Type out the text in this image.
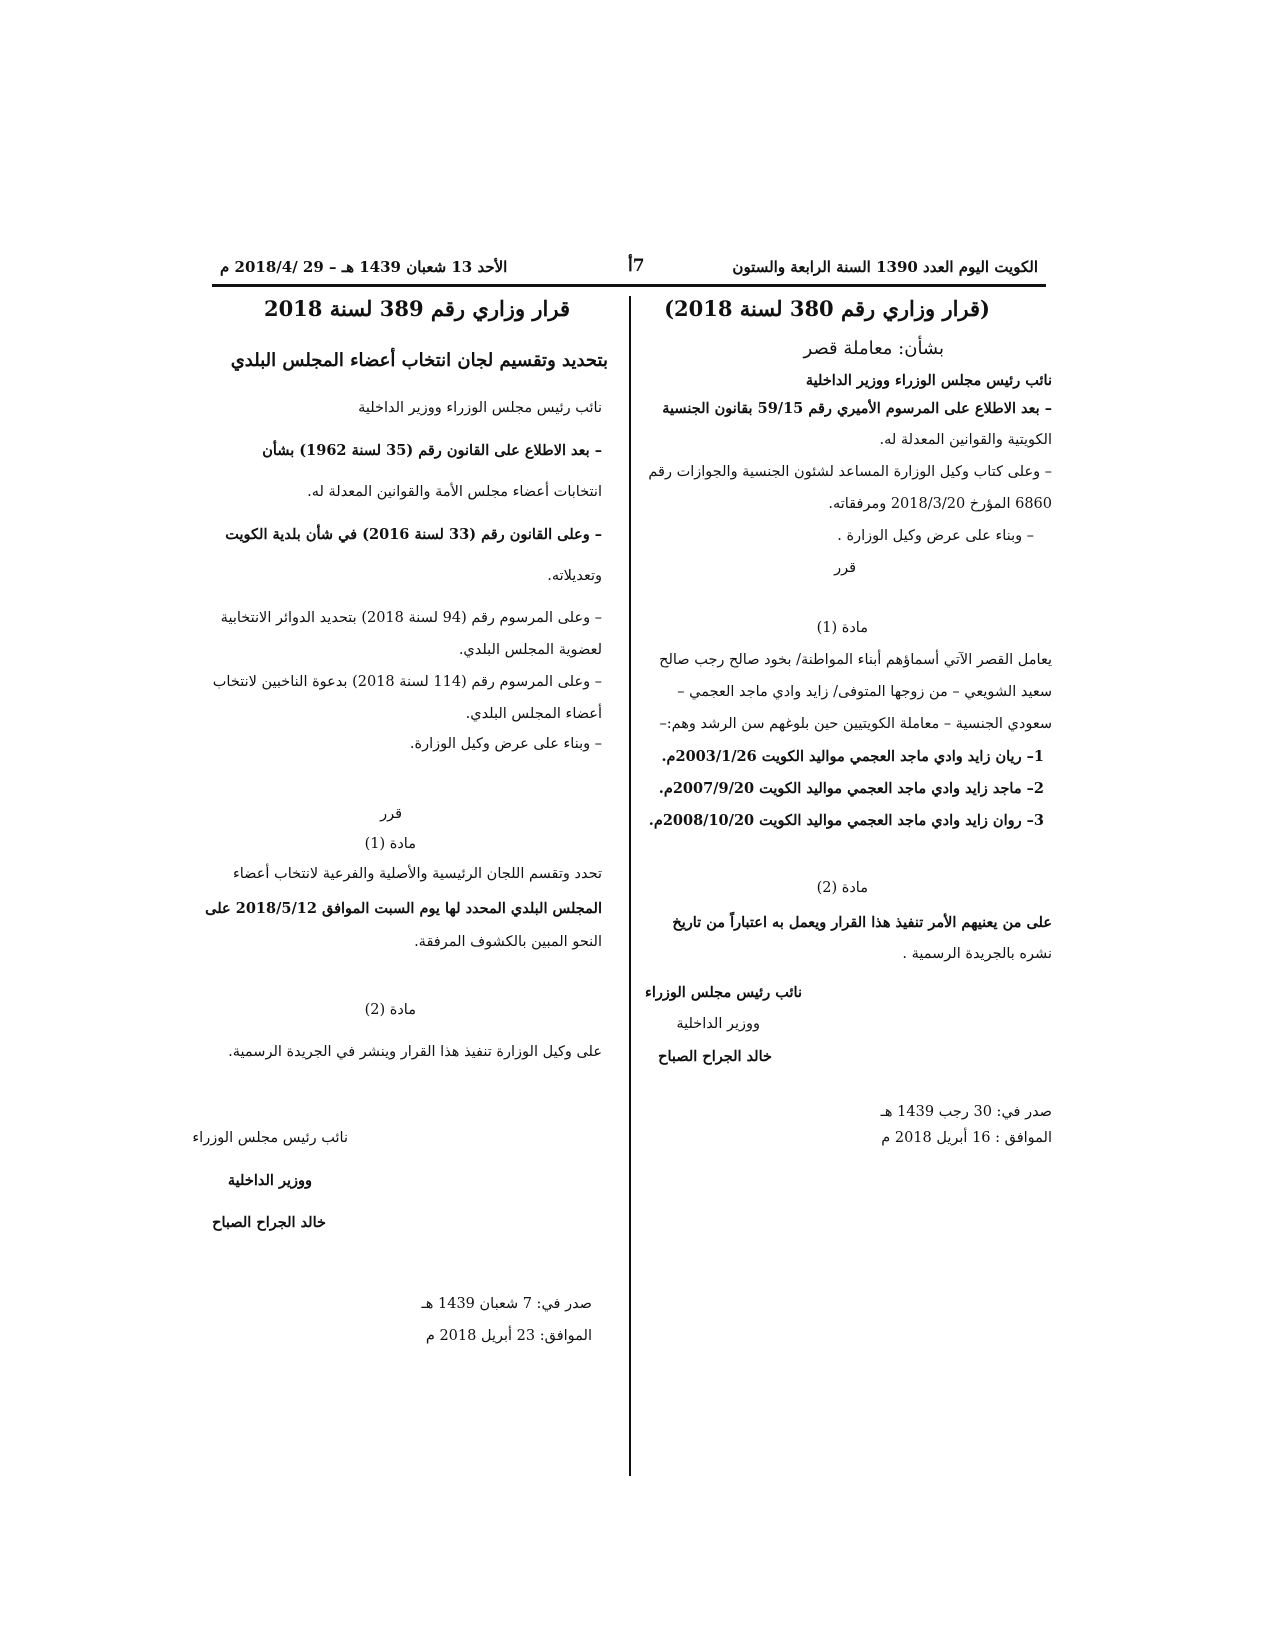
الكويت اليوم العدد 1390 السنة الرابعة والستون
7أ
الأحد 13 شعبان 1439 هـ – 29 /2018/4 م
(قرار وزاري رقم 380 لسنة 2018)
بشأن: معاملة قصر
نائب رئيس مجلس الوزراء ووزير الداخلية
– بعد الاطلاع على المرسوم الأميري رقم 59/15 بقانون الجنسية
الكويتية والقوانين المعدلة له.
– وعلى كتاب وكيل الوزارة المساعد لشئون الجنسية والجوازات رقم
6860 المؤرخ 2018/3/20 ومرفقاته.
– وبناء على عرض وكيل الوزارة .
قرر
مادة (1)
يعامل القصر الآتي أسماؤهم أبناء المواطنة/ بخود صالح رجب صالح
سعيد الشويعي – من زوجها المتوفى/ زايد وادي ماجد العجمي –
سعودي الجنسية – معاملة الكويتيين حين بلوغهم سن الرشد وهم:–
1– ريان زايد وادي ماجد العجمي مواليد الكويت 2003/1/26م.
2– ماجد زايد وادي ماجد العجمي مواليد الكويت 2007/9/20م.
3– روان زايد وادي ماجد العجمي مواليد الكويت 2008/10/20م.
مادة (2)
على من يعنيهم الأمر تنفيذ هذا القرار ويعمل به اعتباراً من تاريخ
نشره بالجريدة الرسمية .
نائب رئيس مجلس الوزراء
ووزير الداخلية
خالد الجراح الصباح
صدر في: 30 رجب 1439 هـ
الموافق : 16 أبريل 2018 م
قرار وزاري رقم 389 لسنة 2018
بتحديد وتقسيم لجان انتخاب أعضاء المجلس البلدي
نائب رئيس مجلس الوزراء ووزير الداخلية
– بعد الاطلاع على القانون رقم (35 لسنة 1962) بشأن
انتخابات أعضاء مجلس الأمة والقوانين المعدلة له.
– وعلى القانون رقم (33 لسنة 2016) في شأن بلدية الكويت
وتعديلاته.
– وعلى المرسوم رقم (94 لسنة 2018) بتحديد الدوائر الانتخابية
لعضوية المجلس البلدي.
– وعلى المرسوم رقم (114 لسنة 2018) بدعوة الناخبين لانتخاب
أعضاء المجلس البلدي.
– وبناء على عرض وكيل الوزارة.
قرر
مادة (1)
تحدد وتقسم اللجان الرئيسية والأصلية والفرعية لانتخاب أعضاء
المجلس البلدي المحدد لها يوم السبت الموافق 2018/5/12 على
النحو المبين بالكشوف المرفقة.
مادة (2)
على وكيل الوزارة تنفيذ هذا القرار وينشر في الجريدة الرسمية.
نائب رئيس مجلس الوزراء
ووزير الداخلية
خالد الجراح الصباح
صدر في: 7 شعبان 1439 هـ
الموافق: 23 أبريل 2018 م
